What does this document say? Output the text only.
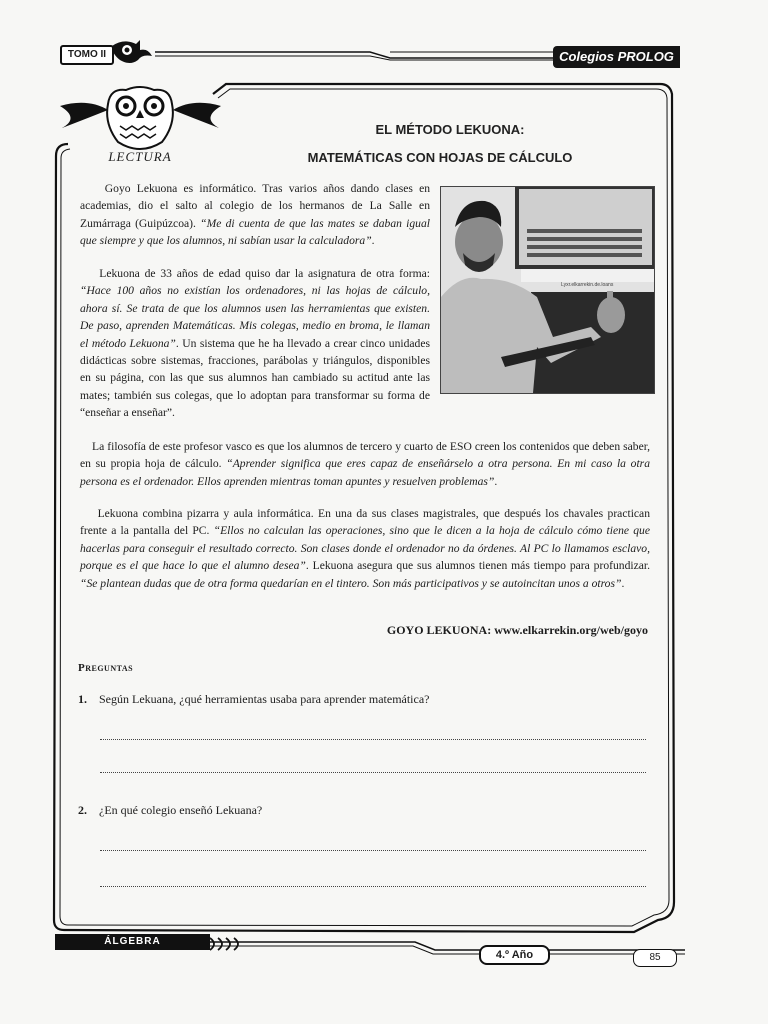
TOMO II	Colegios PROLOG
LECTURA
EL MÉTODO LEKUONA:
MATEMÁTICAS CON HOJAS DE CÁLCULO
Lyxr.elkarrekin.de.loans
Goyo Lekuona es informático. Tras varios años dando clases en academias, dio el salto al colegio de los hermanos de La Salle en Zumárraga (Guipúzcoa). “Me di cuenta de que las mates se daban igual que siempre y que los alumnos, ni sabían usar la calculadora”.
Lekuona de 33 años de edad quiso dar la asignatura de otra forma: “Hace 100 años no existían los ordenadores, ni las hojas de cálculo, ahora sí. Se trata de que los alumnos usen las herramientas que existen. De paso, aprenden Matemáticas. Mis colegas, medio en broma, le llaman el método Lekuona”. Un sistema que he ha llevado a crear cinco unidades didácticas sobre sistemas, fracciones, parábolas y triángulos, disponibles en su página, con las que sus alumnos han cambiado su actitud ante las mates; también sus colegas, que lo adoptan para transformar su forma de “enseñar a enseñar”.
La filosofía de este profesor vasco es que los alumnos de tercero y cuarto de ESO creen los contenidos que deben saber, en su propia hoja de cálculo. “Aprender significa que eres capaz de enseñárselo a otra persona. En mi caso la otra persona es el ordenador. Ellos aprenden mientras toman apuntes y resuelven problemas”.
Lekuona combina pizarra y aula informática. En una da sus clases magistrales, que después los chavales practican frente a la pantalla del PC. “Ellos no calculan las operaciones, sino que le dicen a la hoja de cálculo cómo tiene que hacerlas para conseguir el resultado correcto. Son clases donde el ordenador no da órdenes. Al PC lo llamamos esclavo, porque es el que hace lo que el alumno desea”. Lekuona asegura que sus alumnos tienen más tiempo para profundizar. “Se plantean dudas que de otra forma quedarían en el tintero. Son más participativos y se autoincitan unos a otros”.
GOYO LEKUONA: www.elkarrekin.org/web/goyo
Preguntas
1. Según Lekuana, ¿qué herramientas usaba para aprender matemática?
2. ¿En qué colegio enseñó Lekuana?
ÁLGEBRA
4.º Año	85
